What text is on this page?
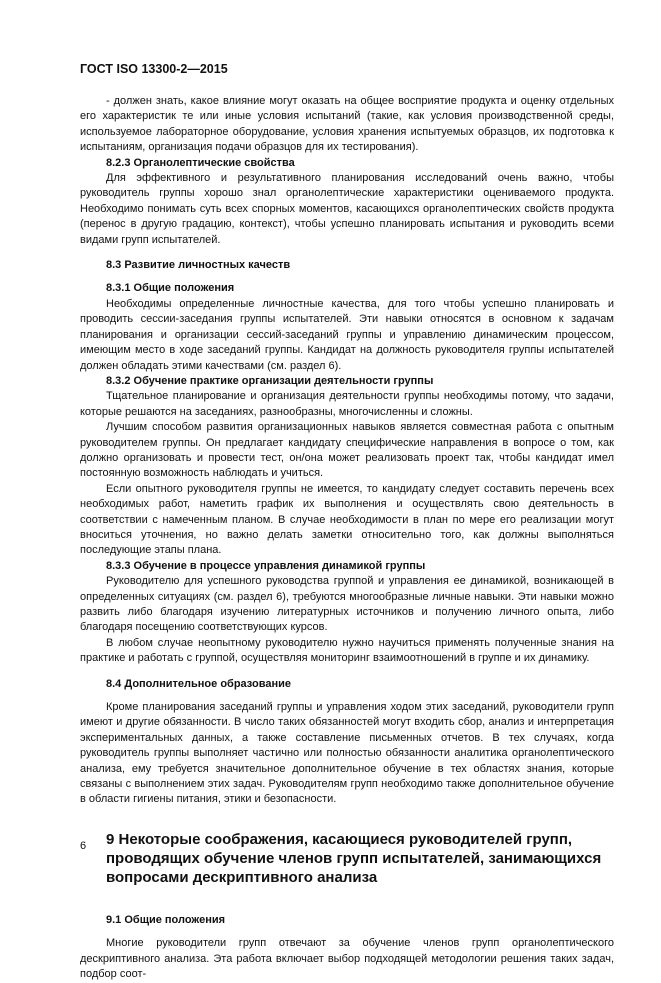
ГОСТ ISO 13300-2—2015

- должен знать, какое влияние могут оказать на общее восприятие продукта и оценку отдельных его характеристик те или иные условия испытаний (такие, как условия производственной среды, используемое лабораторное оборудование, условия хранения испытуемых образцов, их подготовка к испытаниям, организация подачи образцов для их тестирования).

8.2.3 Органолептические свойства

Для эффективного и результативного планирования исследований очень важно, чтобы руководитель группы хорошо знал органолептические характеристики оцениваемого продукта. Необходимо понимать суть всех спорных моментов, касающихся органолептических свойств продукта (перенос в другую градацию, контекст), чтобы успешно планировать испытания и руководить всеми видами групп испытателей.

8.3 Развитие личностных качеств
8.3.1 Общие положения

Необходимы определенные личностные качества, для того чтобы успешно планировать и проводить сессии-заседания группы испытателей. Эти навыки относятся в основном к задачам планирования и организации сессий-заседаний группы и управлению динамическим процессом, имеющим место в ходе заседаний группы. Кандидат на должность руководителя группы испытателей должен обладать этими качествами (см. раздел 6).

8.3.2 Обучение практике организации деятельности группы

Тщательное планирование и организация деятельности группы необходимы потому, что задачи, которые решаются на заседаниях, разнообразны, многочисленны и сложны.

Лучшим способом развития организационных навыков является совместная работа с опытным руководителем группы. Он предлагает кандидату специфические направления в вопросе о том, как должно организовать и провести тест, он/она может реализовать проект так, чтобы кандидат имел постоянную возможность наблюдать и учиться.

Если опытного руководителя группы не имеется, то кандидату следует составить перечень всех необходимых работ, наметить график их выполнения и осуществлять свою деятельность в соответствии с намеченным планом. В случае необходимости в план по мере его реализации могут вноситься уточнения, но важно делать заметки относительно того, как должны выполняться последующие этапы плана.

8.3.3 Обучение в процессе управления динамикой группы

Руководителю для успешного руководства группой и управления ее динамикой, возникающей в определенных ситуациях (см. раздел 6), требуются многообразные личные навыки. Эти навыки можно развить либо благодаря изучению литературных источников и получению личного опыта, либо благодаря посещению соответствующих курсов.

В любом случае неопытному руководителю нужно научиться применять полученные знания на практике и работать с группой, осуществляя мониторинг взаимоотношений в группе и их динамику.

8.4 Дополнительное образование

Кроме планирования заседаний группы и управления ходом этих заседаний, руководители групп имеют и другие обязанности. В число таких обязанностей могут входить сбор, анализ и интерпретация экспериментальных данных, а также составление письменных отчетов. В тех случаях, когда руководитель группы выполняет частично или полностью обязанности аналитика органолептического анализа, ему требуется значительное дополнительное обучение в тех областях знания, которые связаны с выполнением этих задач. Руководителям групп необходимо также дополнительное обучение в области гигиены питания, этики и безопасности.

9 Некоторые соображения, касающиеся руководителей групп, проводящих обучение членов групп испытателей, занимающихся вопросами дескриптивного анализа
9.1 Общие положения

Многие руководители групп отвечают за обучение членов групп органолептического дескриптивного анализа. Эта работа включает выбор подходящей методологии решения таких задач, подбор соот-

6
